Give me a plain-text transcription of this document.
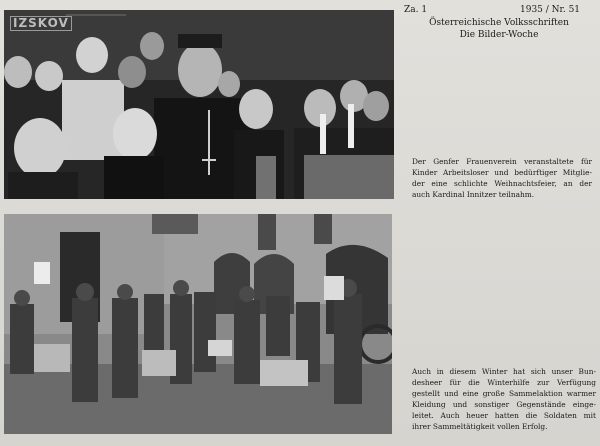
Za. 1	1935 / Nr. 51
Österreichische Volksschriften
Die Bilder-Woche
IZSKOV
Der Genfer Frauenverein veranstaltete für
Kinder Arbeitsloser und bedürftiger Mitglie-
der eine schlichte Weihnachtsfeier, an der
auch Kardinal Innitzer teilnahm.
Auch in diesem Winter hat sich unser Bun-
desheer für die Winterhilfe zur Verfügung
gestellt und eine große Sammelaktion warmer
Kleidung und sonstiger Gegenstände einge-
leitet. Auch heuer hatten die Soldaten mit
ihrer Sammeltätigkeit vollen Erfolg.
